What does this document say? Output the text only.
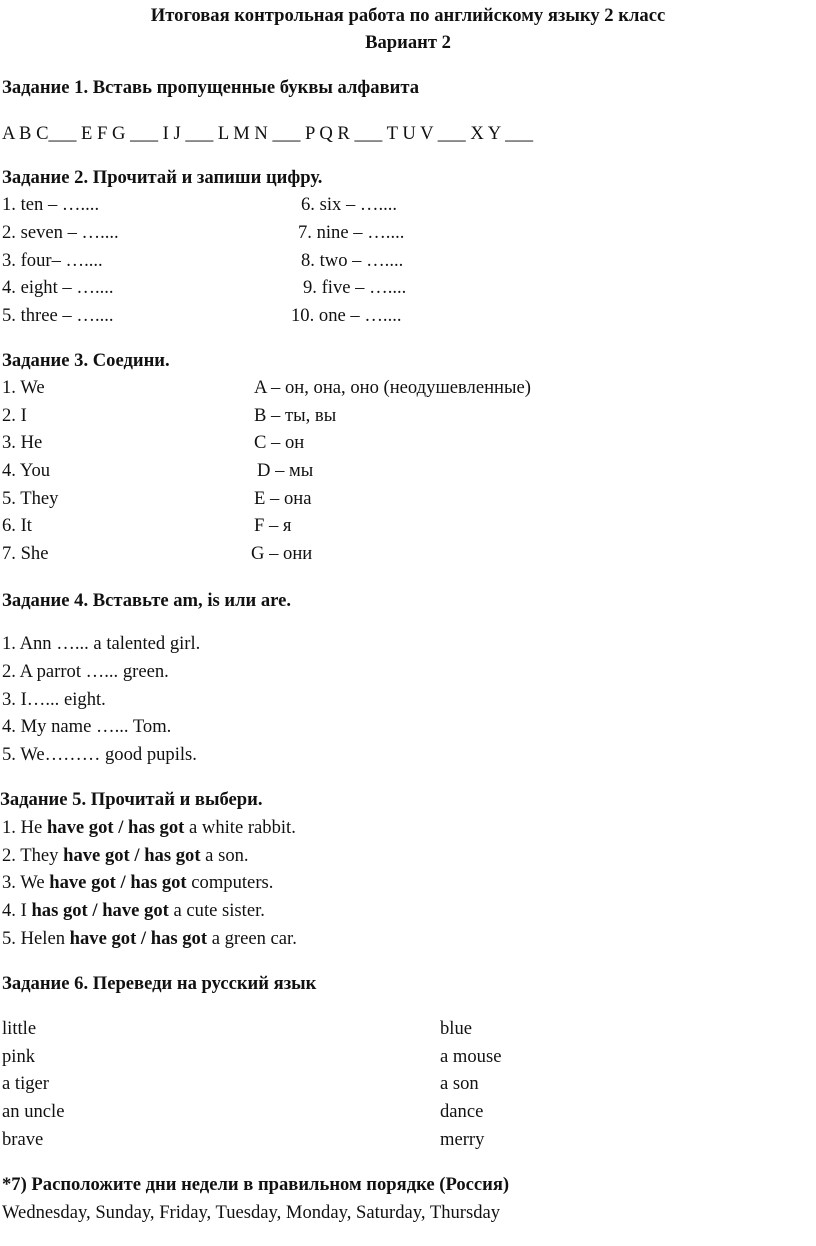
Итоговая контрольная работа по английскому языку 2 класс
Вариант 2
Задание 1. Вставь пропущенные буквы алфавита
A B C___ E F G ___ I J ___ L M N ___ P Q R ___ T U V ___ X Y ___
Задание 2. Прочитай и запиши цифру.
1. ten – …....
2. seven – …....
3. four– …....
4. eight – …....
5. three – …....
6. six – …....
7. nine – …....
8. two – …....
9. five – …....
10. one – …....
Задание 3. Соедини.
1. We
2. I
3. He
4. You
5. They
6. It
7. She
A – он, она, оно (неодушевленные)
B – ты, вы
C – он
D – мы
E – она
F – я
G – они
Задание 4. Вставьте am, is или are.
1. Ann …... a talented girl.
2. A parrot …... green.
3. I…... eight.
4. My name …... Tom.
5. We……… good pupils.
Задание 5. Прочитай и выбери.
1. He have got / has got a white rabbit.
2. They have got / has got a son.
3. We have got / has got computers.
4. I has got / have got a cute sister.
5. Helen have got / has got a green car.
Задание 6. Переведи на русский язык
little
pink
a tiger
an uncle
brave
blue
a mouse
a son
dance
merry
*7) Расположите дни недели в правильном порядке (Россия)
Wednesday, Sunday, Friday, Tuesday, Monday, Saturday, Thursday
